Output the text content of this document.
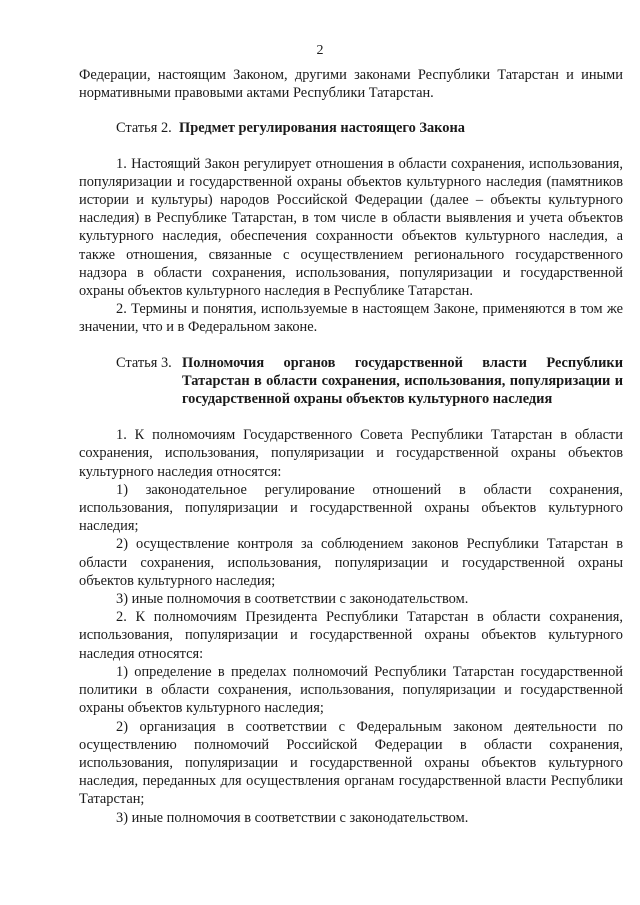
2

Федерации, настоящим Законом, другими законами Республики Татарстан и иными нормативными правовыми актами Республики Татарстан.

Статья 2. Предмет регулирования настоящего Закона

1. Настоящий Закон регулирует отношения в области сохранения, использования, популяризации и государственной охраны объектов культурного наследия (памятников истории и культуры) народов Российской Федерации (далее – объекты культурного наследия) в Республике Татарстан, в том числе в области выявления и учета объектов культурного наследия, обеспечения сохранности объектов культурного наследия, а также отношения, связанные с осуществлением регионального государственного надзора в области сохранения, использования, популяризации и государственной охраны объектов культурного наследия в Республике Татарстан.

2. Термины и понятия, используемые в настоящем Законе, применяются в том же значении, что и в Федеральном законе.

Статья 3. Полномочия органов государственной власти Республики Татарстан в области сохранения, использования, популяризации и государственной охраны объектов культурного наследия

1. К полномочиям Государственного Совета Республики Татарстан в области сохранения, использования, популяризации и государственной охраны объектов культурного наследия относятся:

1) законодательное регулирование отношений в области сохранения, использования, популяризации и государственной охраны объектов культурного наследия;

2) осуществление контроля за соблюдением законов Республики Татарстан в области сохранения, использования, популяризации и государственной охраны объектов культурного наследия;

3) иные полномочия в соответствии с законодательством.

2. К полномочиям Президента Республики Татарстан в области сохранения, использования, популяризации и государственной охраны объектов культурного наследия относятся:

1) определение в пределах полномочий Республики Татарстан государственной политики в области сохранения, использования, популяризации и государственной охраны объектов культурного наследия;

2) организация в соответствии с Федеральным законом деятельности по осуществлению полномочий Российской Федерации в области сохранения, использования, популяризации и государственной охраны объектов культурного наследия, переданных для осуществления органам государственной власти Республики Татарстан;

3) иные полномочия в соответствии с законодательством.
